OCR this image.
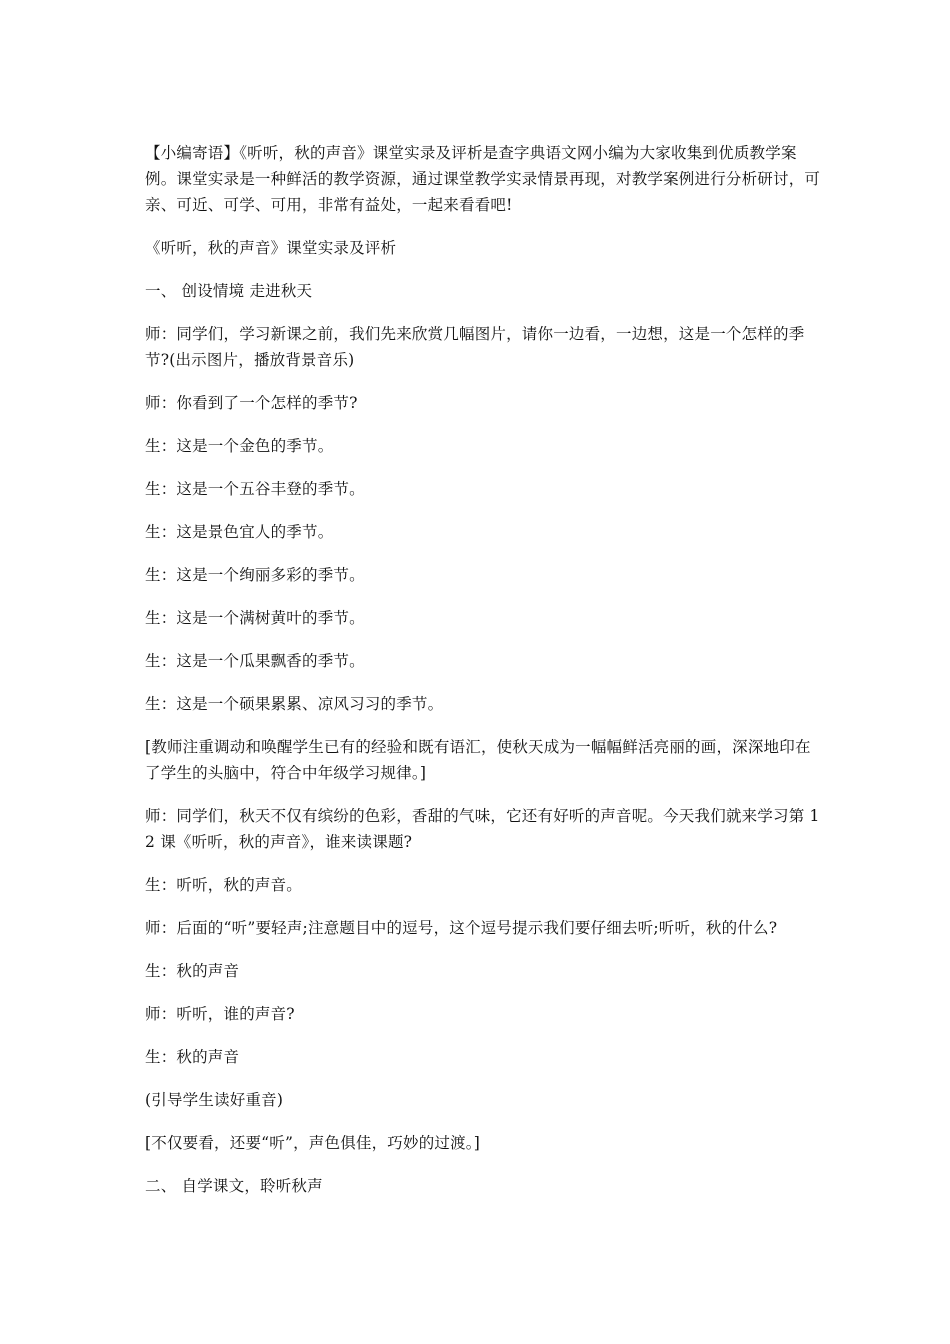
【小编寄语】《听听，秋的声音》课堂实录及评析是查字典语文网小编为大家收集到优质教学案例。课堂实录是一种鲜活的教学资源，通过课堂教学实录情景再现，对教学案例进行分析研讨，可亲、可近、可学、可用，非常有益处，一起来看看吧!

《听听，秋的声音》课堂实录及评析

一、 创设情境 走进秋天

师：同学们，学习新课之前，我们先来欣赏几幅图片，请你一边看，一边想，这是一个怎样的季节?(出示图片，播放背景音乐)

师：你看到了一个怎样的季节?

生：这是一个金色的季节。

生：这是一个五谷丰登的季节。

生：这是景色宜人的季节。

生：这是一个绚丽多彩的季节。

生：这是一个满树黄叶的季节。

生：这是一个瓜果飘香的季节。

生：这是一个硕果累累、凉风习习的季节。

[教师注重调动和唤醒学生已有的经验和既有语汇，使秋天成为一幅幅鲜活亮丽的画，深深地印在了学生的头脑中，符合中年级学习规律。]

师：同学们，秋天不仅有缤纷的色彩，香甜的气味，它还有好听的声音呢。今天我们就来学习第 12 课《听听，秋的声音》，谁来读课题?

生：听听，秋的声音。

师：后面的“听”要轻声;注意题目中的逗号，这个逗号提示我们要仔细去听;听听，秋的什么?

生：秋的声音

师：听听，谁的声音?

生：秋的声音

(引导学生读好重音)

[不仅要看，还要“听”，声色俱佳，巧妙的过渡。]

二、 自学课文，聆听秋声
